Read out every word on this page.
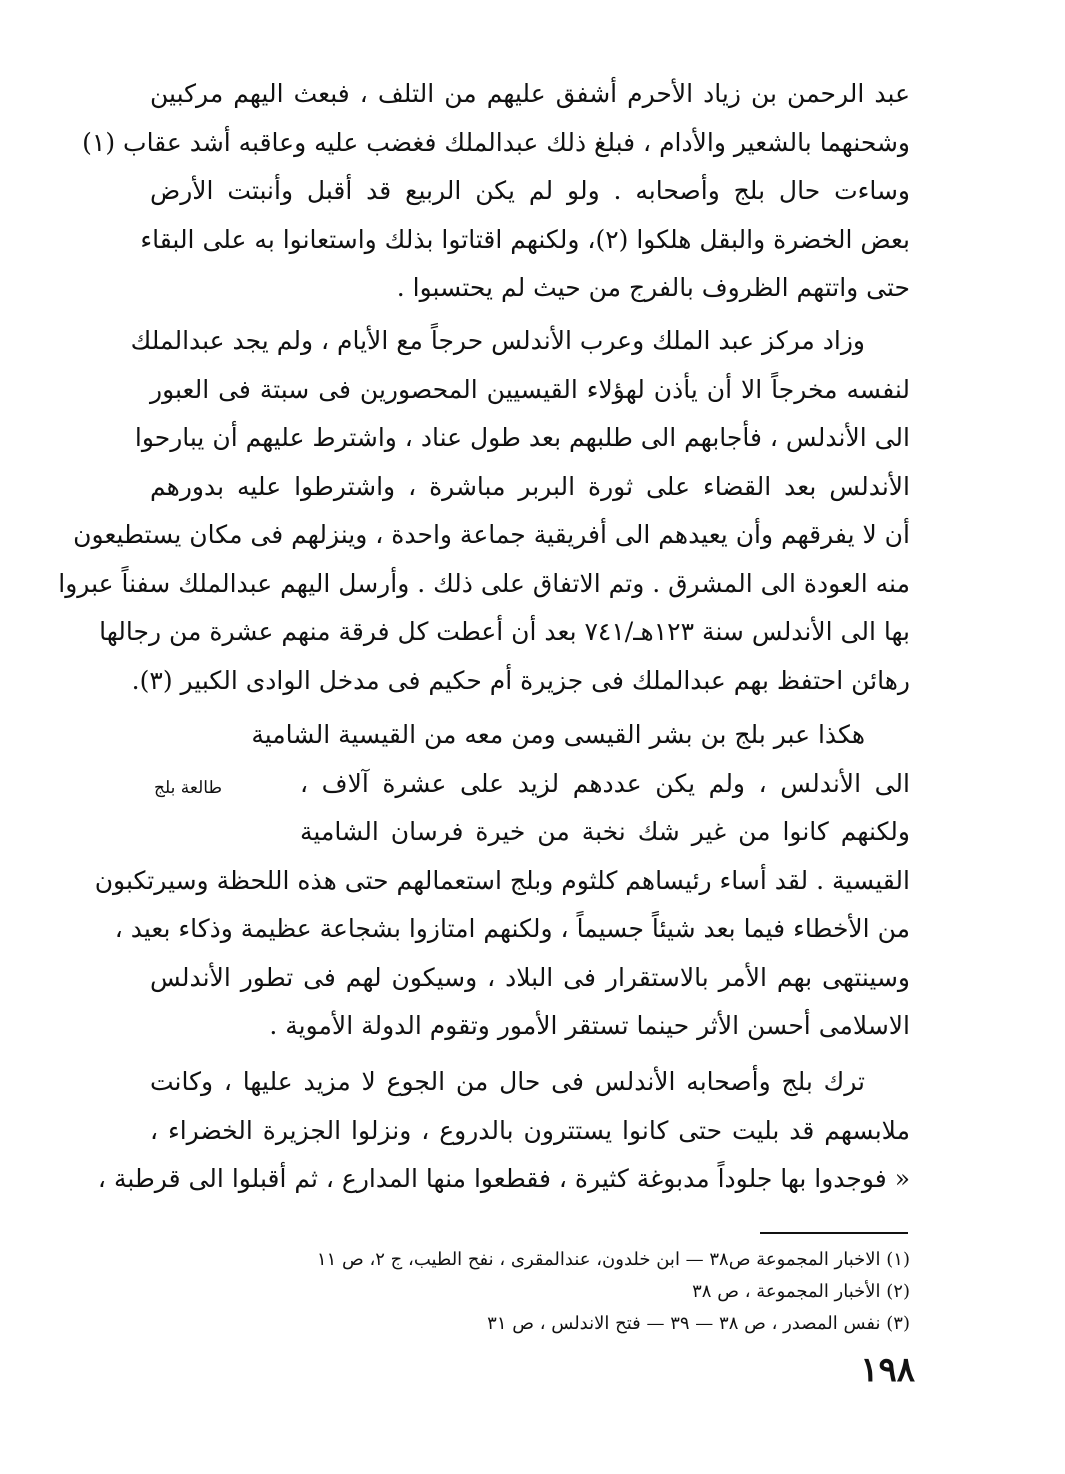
عبد الرحمن بن زياد الأحرم أشفق عليهم من التلف ، فبعث اليهم مركبين
وشحنهما بالشعير والأدام ، فبلغ ذلك عبدالملك فغضب عليه وعاقبه أشد عقاب (١)
وساءت حال بلج وأصحابه . ولو لم يكن الربيع قد أقبل وأنبتت الأرض
بعض الخضرة والبقل هلكوا (٢)، ولكنهم اقتاتوا بذلك واستعانوا به على البقاء
حتى واتتهم الظروف بالفرج من حيث لم يحتسبوا .
وزاد مركز عبد الملك وعرب الأندلس حرجاً مع الأيام ، ولم يجد عبدالملك
لنفسه مخرجاً الا أن يأذن لهؤلاء القيسيين المحصورين فى سبتة فى العبور
الى الأندلس ، فأجابهم الى طلبهم بعد طول عناد ، واشترط عليهم أن يبارحوا
الأندلس بعد القضاء على ثورة البربر مباشرة ، واشترطوا عليه بدورهم
أن لا يفرقهم وأن يعيدهم الى أفريقية جماعة واحدة ، وينزلهم فى مكان يستطيعون
منه العودة الى المشرق . وتم الاتفاق على ذلك . وأرسل اليهم عبدالملك سفناً عبروا
بها الى الأندلس سنة ١٢٣هـ/٧٤١ بعد أن أعطت كل فرقة منهم عشرة من رجالها
رهائن احتفظ بهم عبدالملك فى جزيرة أم حكيم فى مدخل الوادى الكبير (٣).
هكذا عبر بلج بن بشر القيسى ومن معه من القيسية الشامية
الى الأندلس ، ولم يكن عددهم لزيد على عشرة آلاف ،
ولكنهم كانوا من غير شك نخبة من خيرة فرسان الشامية
القيسية . لقد أساء رئيساهم كلثوم وبلج استعمالهم حتى هذه اللحظة وسيرتكبون
من الأخطاء فيما بعد شيئاً جسيماً ، ولكنهم امتازوا بشجاعة عظيمة وذكاء بعيد ،
وسينتهى بهم الأمر بالاستقرار فى البلاد ، وسيكون لهم فى تطور الأندلس
الاسلامى أحسن الأثر حينما تستقر الأمور وتقوم الدولة الأموية .
طالعة بلج
ترك بلج وأصحابه الأندلس فى حال من الجوع لا مزيد عليها ، وكانت
ملابسهم قد بليت حتى كانوا يستترون بالدروع ، ونزلوا الجزيرة الخضراء ،
« فوجدوا بها جلوداً مدبوغة كثيرة ، فقطعوا منها المدارع ، ثم أقبلوا الى قرطبة ،
(١) الاخبار المجموعة ص٣٨ — ابن خلدون، عندالمقرى ، نفح الطيب، ج ٢، ص ١١
(٢) الأخبار المجموعة ، ص ٣٨
(٣) نفس المصدر ، ص ٣٨ — ٣٩ — فتح الاندلس ، ص ٣١
١٩٨
